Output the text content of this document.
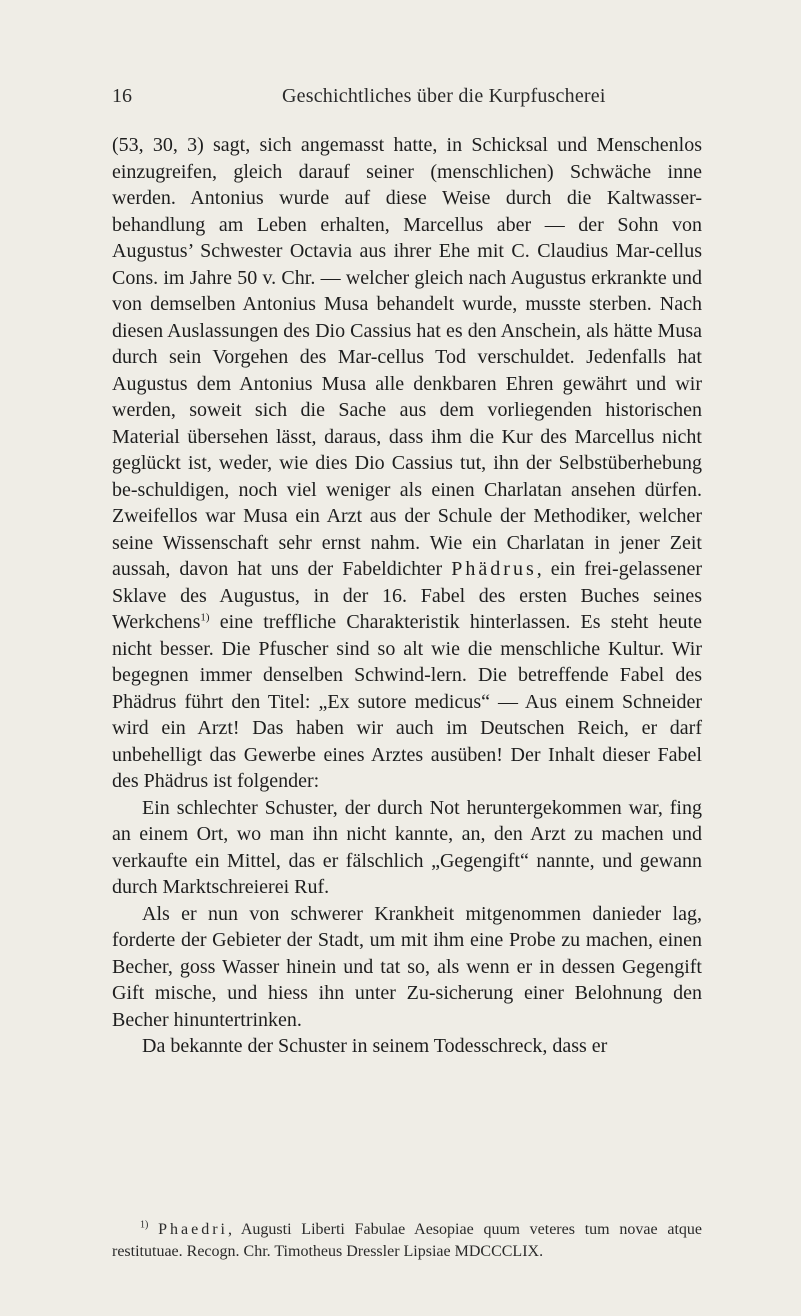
16	Geschichtliches über die Kurpfuscherei

(53, 30, 3) sagt, sich angemasst hatte, in Schicksal und Menschenlos einzugreifen, gleich darauf seiner (menschlichen) Schwäche inne werden. Antonius wurde auf diese Weise durch die Kaltwasser-behandlung am Leben erhalten, Marcellus aber — der Sohn von Augustus’ Schwester Octavia aus ihrer Ehe mit C. Claudius Mar-cellus Cons. im Jahre 50 v. Chr. — welcher gleich nach Augustus erkrankte und von demselben Antonius Musa behandelt wurde, musste sterben. Nach diesen Auslassungen des Dio Cassius hat es den Anschein, als hätte Musa durch sein Vorgehen des Mar-cellus Tod verschuldet. Jedenfalls hat Augustus dem Antonius Musa alle denkbaren Ehren gewährt und wir werden, soweit sich die Sache aus dem vorliegenden historischen Material übersehen lässt, daraus, dass ihm die Kur des Marcellus nicht geglückt ist, weder, wie dies Dio Cassius tut, ihn der Selbstüberhebung be-schuldigen, noch viel weniger als einen Charlatan ansehen dürfen. Zweifellos war Musa ein Arzt aus der Schule der Methodiker, welcher seine Wissenschaft sehr ernst nahm. Wie ein Charlatan in jener Zeit aussah, davon hat uns der Fabeldichter Phädrus, ein frei-gelassener Sklave des Augustus, in der 16. Fabel des ersten Buches seines Werkchens$^{1)}$ eine treffliche Charakteristik hinterlassen. Es steht heute nicht besser. Die Pfuscher sind so alt wie die menschliche Kultur. Wir begegnen immer denselben Schwind-lern. Die betreffende Fabel des Phädrus führt den Titel: „Ex sutore medicus“ — Aus einem Schneider wird ein Arzt! Das haben wir auch im Deutschen Reich, er darf unbehelligt das Gewerbe eines Arztes ausüben! Der Inhalt dieser Fabel des Phädrus ist folgender:

Ein schlechter Schuster, der durch Not heruntergekommen war, fing an einem Ort, wo man ihn nicht kannte, an, den Arzt zu machen und verkaufte ein Mittel, das er fälschlich „Gegengift“ nannte, und gewann durch Marktschreierei Ruf.

Als er nun von schwerer Krankheit mitgenommen danieder lag, forderte der Gebieter der Stadt, um mit ihm eine Probe zu machen, einen Becher, goss Wasser hinein und tat so, als wenn er in dessen Gegengift Gift mische, und hiess ihn unter Zu-sicherung einer Belohnung den Becher hinuntertrinken.

Da bekannte der Schuster in seinem Todesschreck, dass er

$^{1)}$ Phaedri, Augusti Liberti Fabulae Aesopiae quum veteres tum novae atque restitutuae. Recogn. Chr. Timotheus Dressler Lipsiae MDCCCLIX.
